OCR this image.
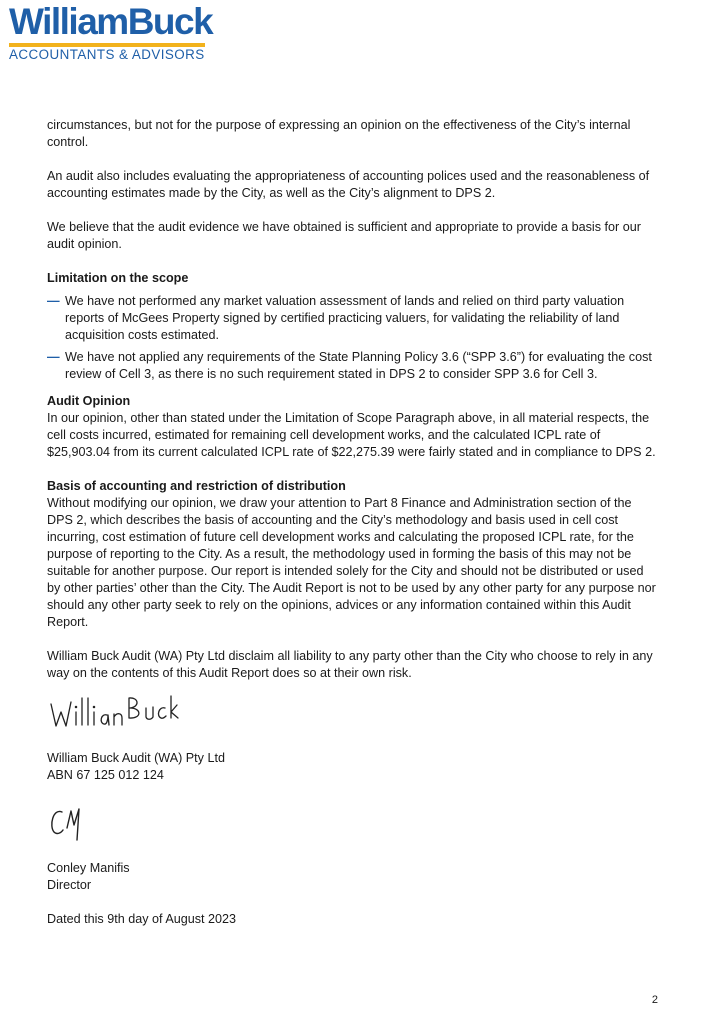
WilliamBuck
ACCOUNTANTS & ADVISORS

circumstances, but not for the purpose of expressing an opinion on the effectiveness of the City’s internal control.

An audit also includes evaluating the appropriateness of accounting polices used and the reasonableness of accounting estimates made by the City, as well as the City’s alignment to DPS 2.

We believe that the audit evidence we have obtained is sufficient and appropriate to provide a basis for our audit opinion.

Limitation on the scope
— We have not performed any market valuation assessment of lands and relied on third party valuation reports of McGees Property signed by certified practicing valuers, for validating the reliability of land acquisition costs estimated.
— We have not applied any requirements of the State Planning Policy 3.6 (“SPP 3.6”) for evaluating the cost review of Cell 3, as there is no such requirement stated in DPS 2 to consider SPP 3.6 for Cell 3.
Audit Opinion

In our opinion, other than stated under the Limitation of Scope Paragraph above, in all material respects, the cell costs incurred, estimated for remaining cell development works, and the calculated ICPL rate of $25,903.04 from its current calculated ICPL rate of $22,275.39 were fairly stated and in compliance to DPS 2.

Basis of accounting and restriction of distribution

Without modifying our opinion, we draw your attention to Part 8 Finance and Administration section of the DPS 2, which describes the basis of accounting and the City’s methodology and basis used in cell cost incurring, cost estimation of future cell development works and calculating the proposed ICPL rate, for the purpose of reporting to the City. As a result, the methodology used in forming the basis of this may not be suitable for another purpose. Our report is intended solely for the City and should not be distributed or used by other parties’ other than the City. The Audit Report is not to be used by any other party for any purpose nor should any other party seek to rely on the opinions, advices or any information contained within this Audit Report.

William Buck Audit (WA) Pty Ltd disclaim all liability to any party other than the City who choose to rely in any way on the contents of this Audit Report does so at their own risk.

William Buck

William Buck Audit (WA) Pty Ltd

ABN 67 125 012 124

CM

Conley Manifis

Director

Dated this 9th day of August 2023

2
